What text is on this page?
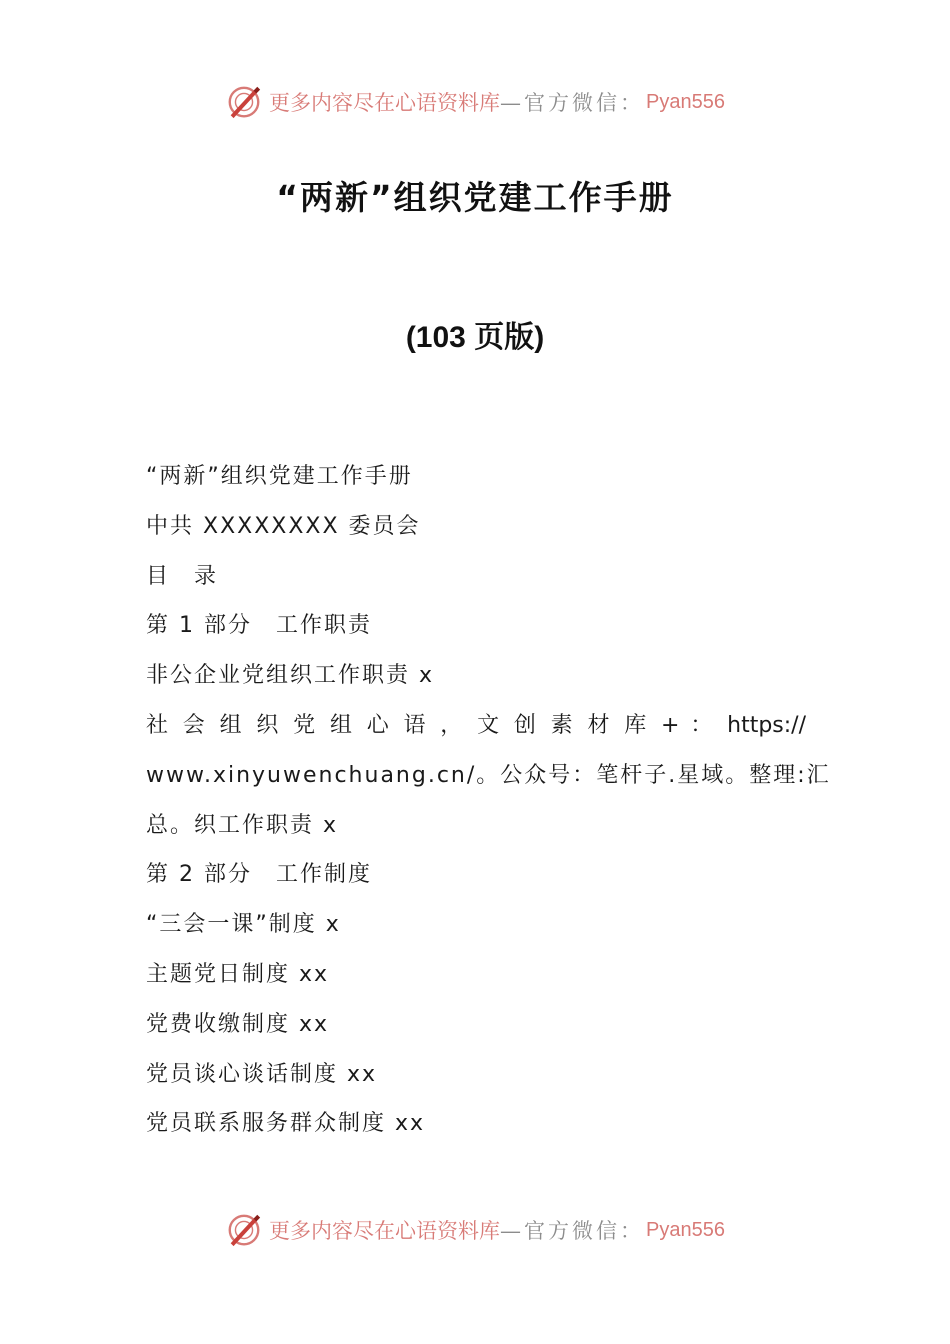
更多内容尽在心语资料库 —官方微信： Pyan556
“两新”组织党建工作手册
(103 页版)
“两新”组织党建工作手册
中共 XXXXXXXX 委员会
目　录
第 1 部分　工作职责
非公企业党组织工作职责 x
社 会 组 织 党 组 心 语 ， 文 创 素 材 库 + ： https://
www.xinyuwenchuang.cn/。公众号：笔杆子.星域。整理:汇
总。织工作职责 x
第 2 部分　工作制度
“三会一课”制度 x
主题党日制度 xx
党费收缴制度 xx
党员谈心谈话制度 xx
党员联系服务群众制度 xx
更多内容尽在心语资料库 —官方微信： Pyan556
